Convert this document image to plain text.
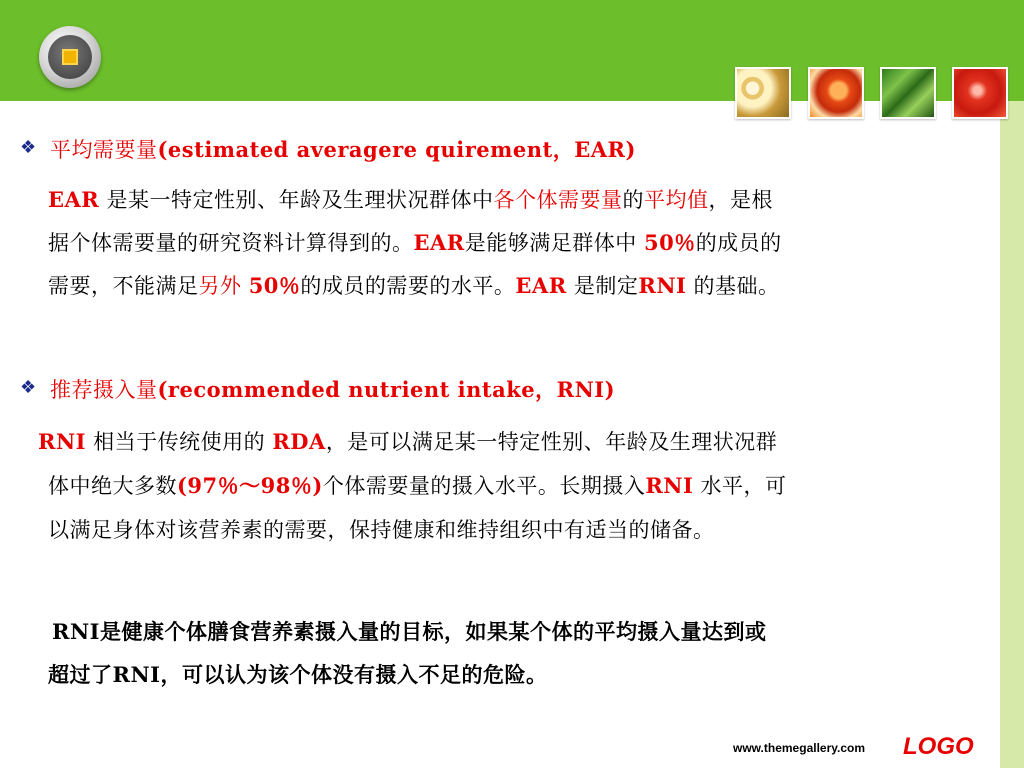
❖ 平均需要量(estimated averagere quirement，EAR)
EAR 是某一特定性别、年龄及生理状况群体中各个体需要量的平均值，是根
据个体需要量的研究资料计算得到的。EAR是能够满足群体中 50％的成员的
需要，不能满足另外 50％的成员的需要的水平。EAR 是制定RNI 的基础。
❖ 推荐摄入量(recommended nutrient intake，RNI)
RNI 相当于传统使用的 RDA，是可以满足某一特定性别、年龄及生理状况群
体中绝大多数(97％～98％)个体需要量的摄入水平。长期摄入RNI 水平，可
以满足身体对该营养素的需要，保持健康和维持组织中有适当的储备。
RNI是健康个体膳食营养素摄入量的目标，如果某个体的平均摄入量达到或
超过了RNI，可以认为该个体没有摄入不足的危险。
www.themegallery.com LOGO
